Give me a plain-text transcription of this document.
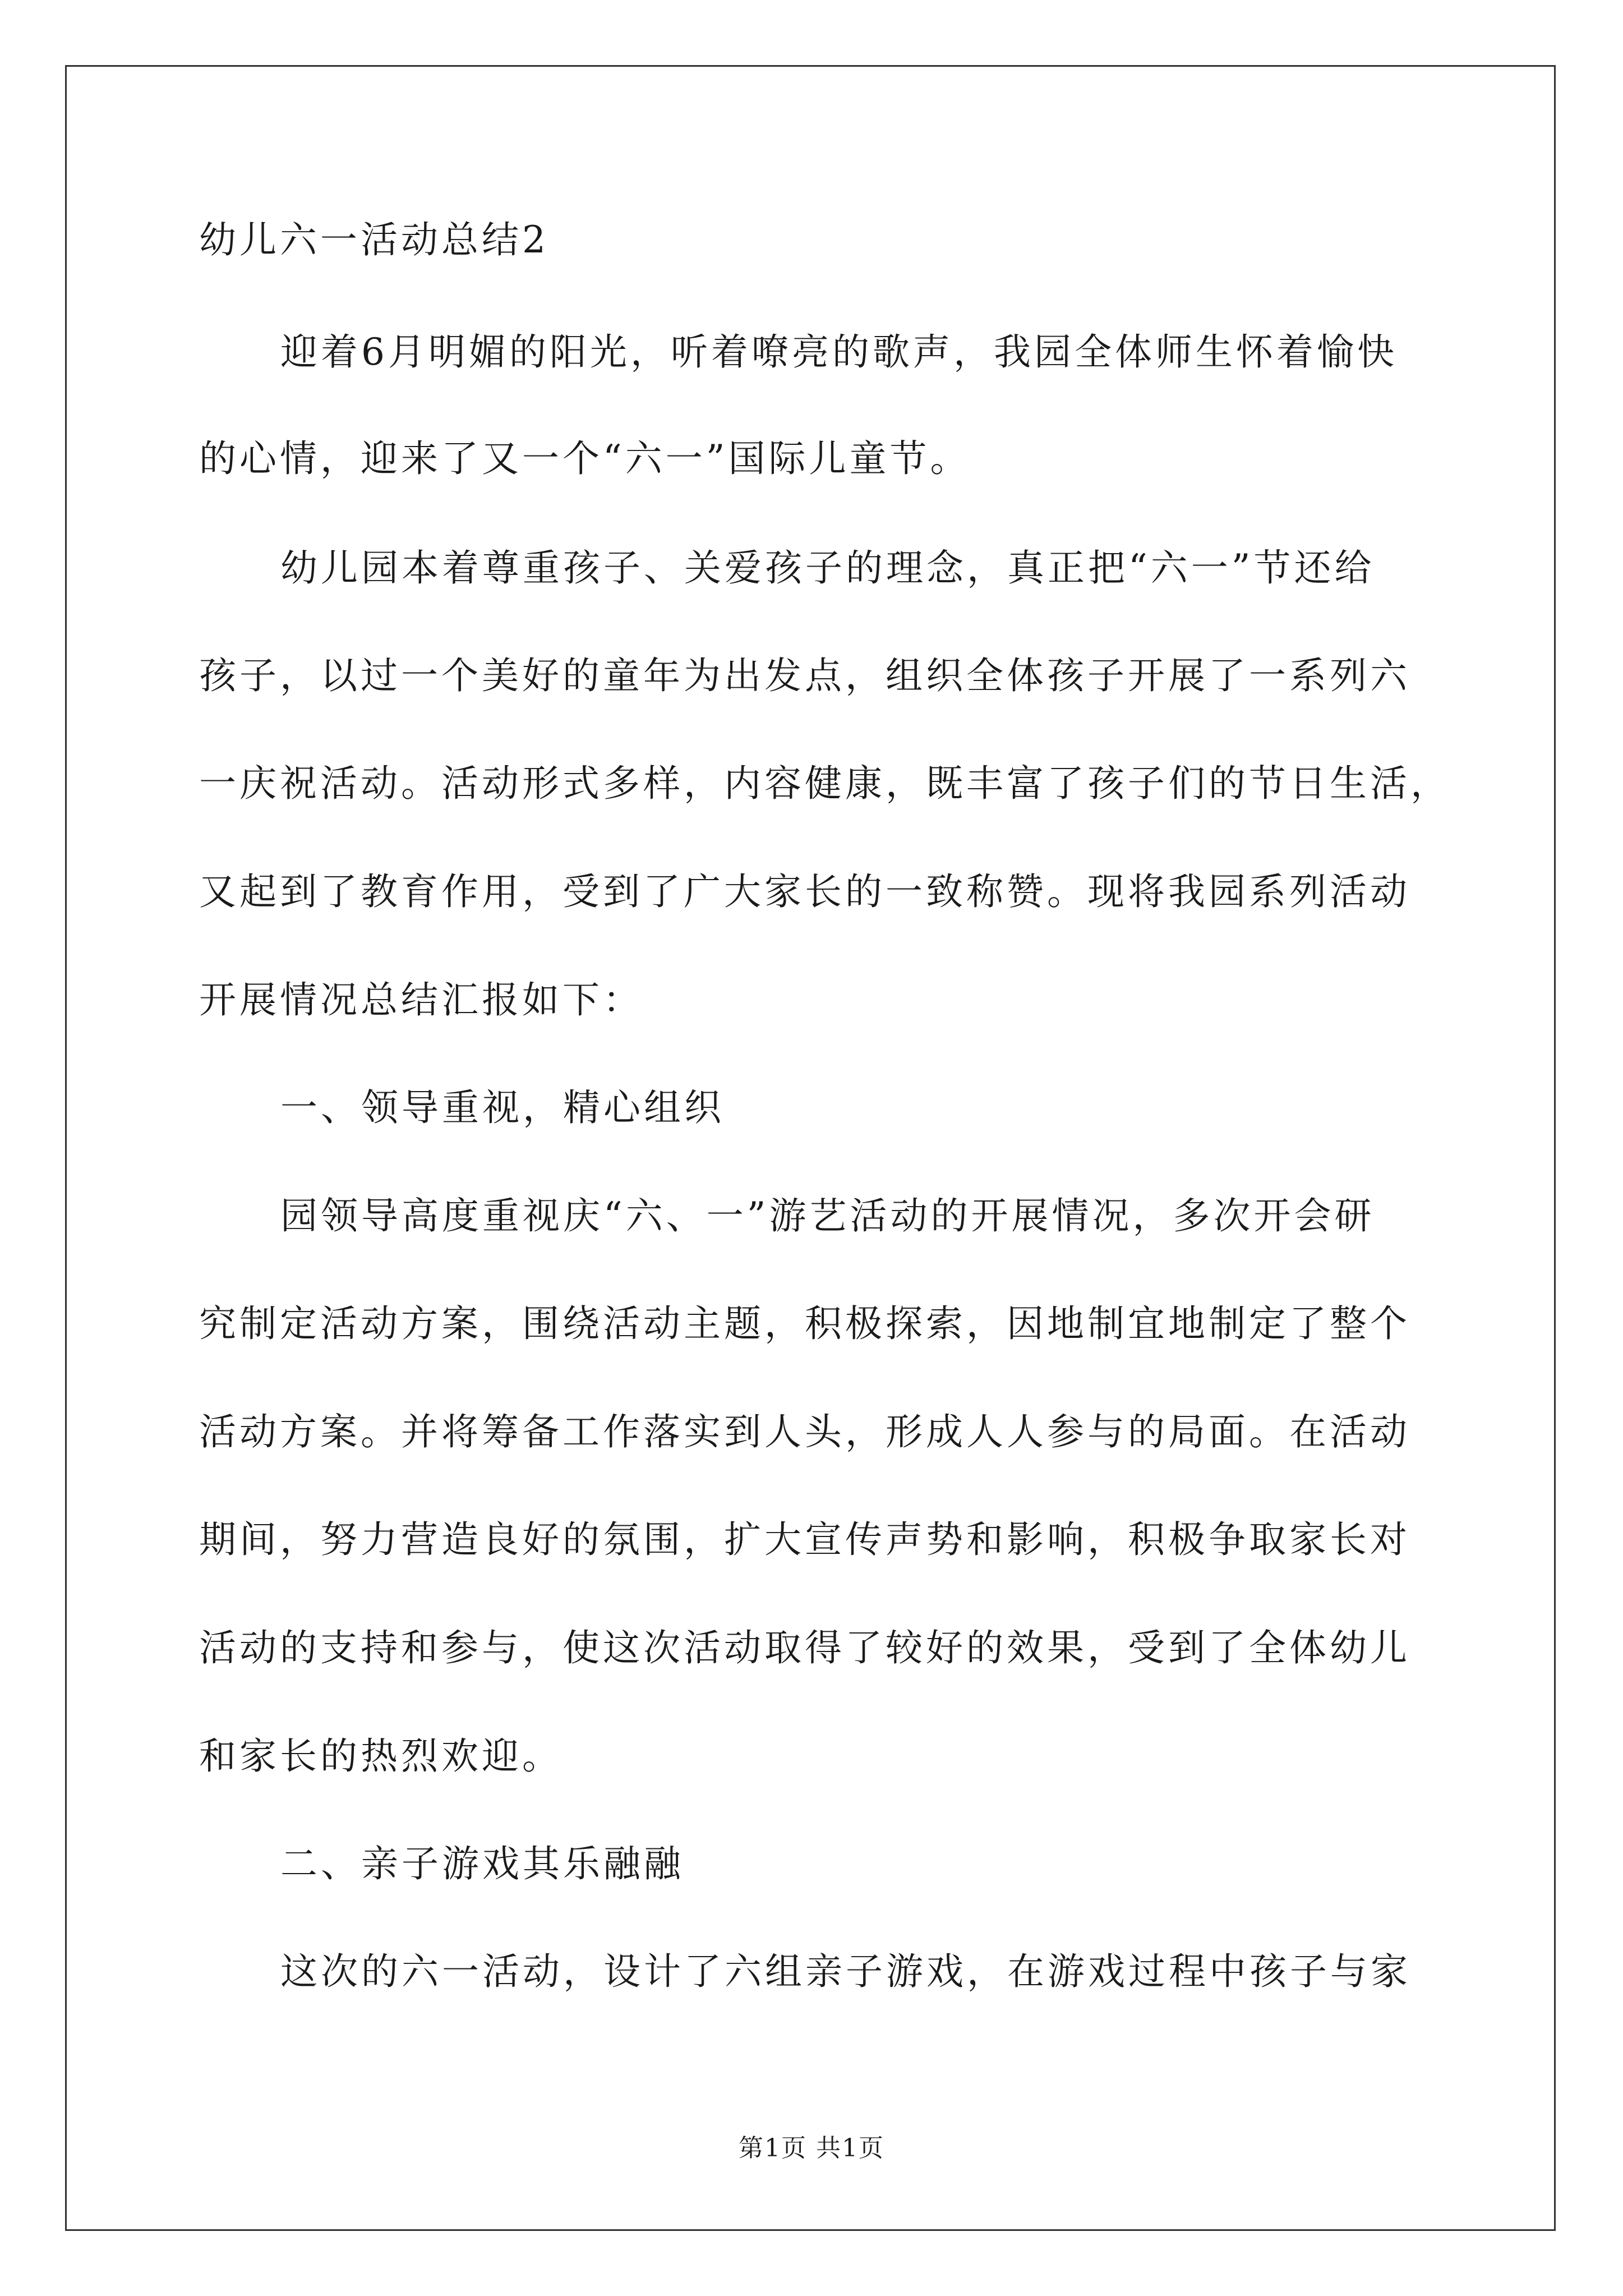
幼儿六一活动总结2
迎着6月明媚的阳光，听着嘹亮的歌声，我园全体师生怀着愉快
的心情，迎来了又一个“六一”国际儿童节。
幼儿园本着尊重孩子、关爱孩子的理念，真正把“六一”节还给
孩子，以过一个美好的童年为出发点，组织全体孩子开展了一系列六
一庆祝活动。活动形式多样，内容健康，既丰富了孩子们的节日生活，
又起到了教育作用，受到了广大家长的一致称赞。现将我园系列活动
开展情况总结汇报如下：
一、领导重视，精心组织
园领导高度重视庆“六、一”游艺活动的开展情况，多次开会研
究制定活动方案，围绕活动主题，积极探索，因地制宜地制定了整个
活动方案。并将筹备工作落实到人头，形成人人参与的局面。在活动
期间，努力营造良好的氛围，扩大宣传声势和影响，积极争取家长对
活动的支持和参与，使这次活动取得了较好的效果，受到了全体幼儿
和家长的热烈欢迎。
二、亲子游戏其乐融融
这次的六一活动，设计了六组亲子游戏，在游戏过程中孩子与家
第1页 共1页
